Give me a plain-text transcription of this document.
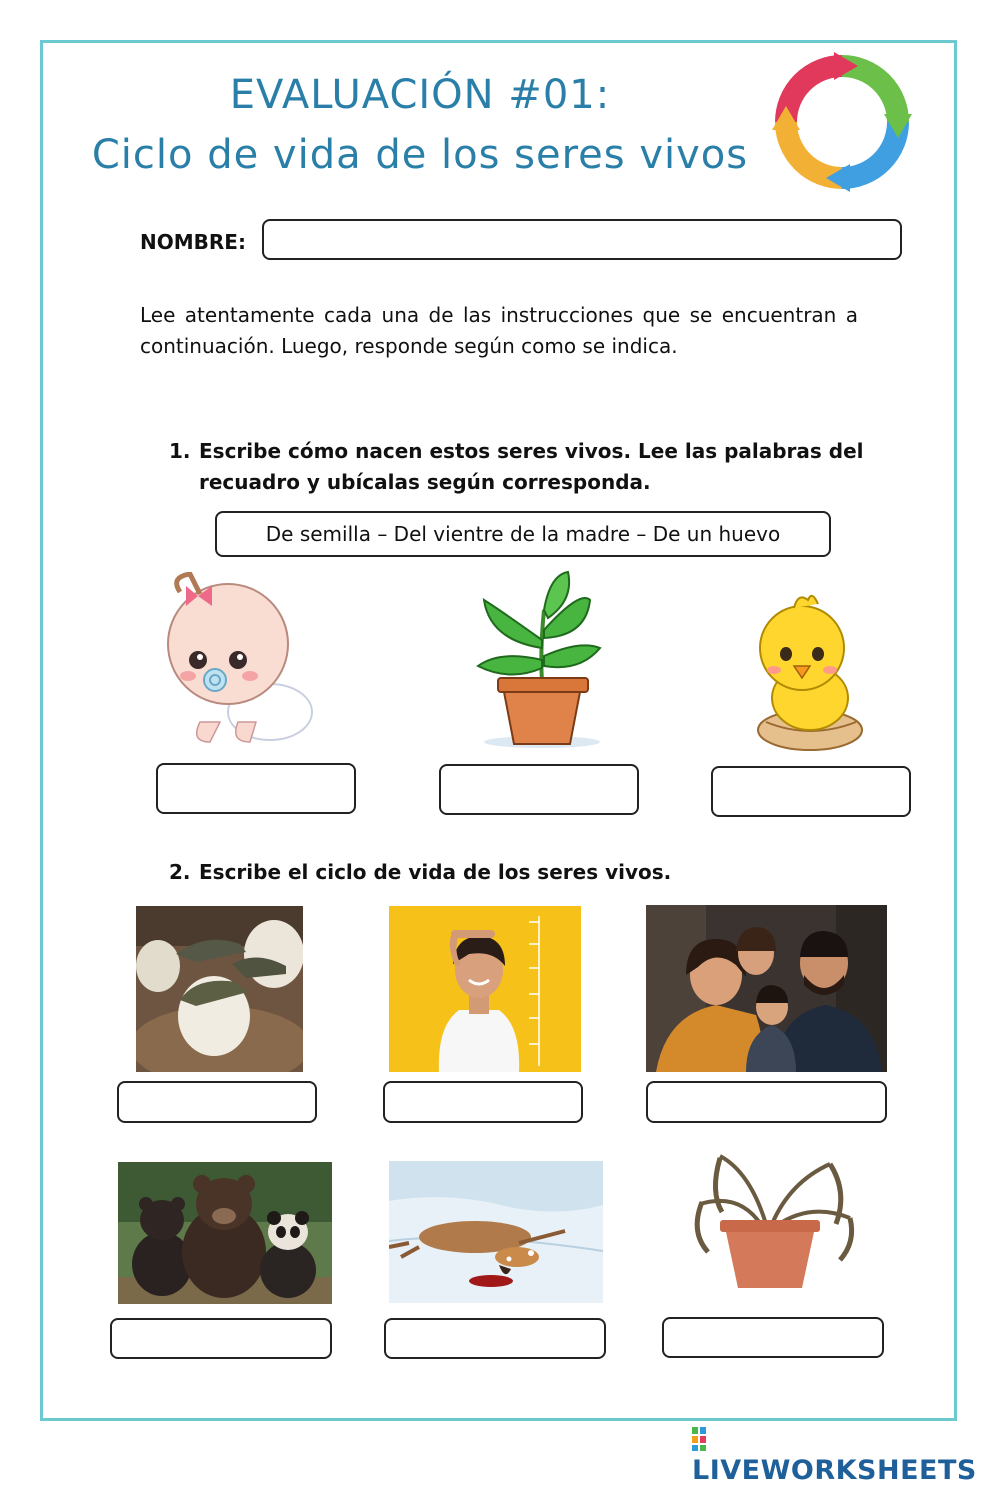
EVALUACIÓN #01:
Ciclo de vida de los seres vivos
NOMBRE:
Lee atentamente cada una de las instrucciones que se encuentran a continuación. Luego, responde según como se indica.
1. Escribe cómo nacen estos seres vivos. Lee las palabras del recuadro y ubícalas según corresponda.
De semilla – Del vientre de la madre – De un huevo
2. Escribe el ciclo de vida de los seres vivos.
LIVEWORKSHEETS
